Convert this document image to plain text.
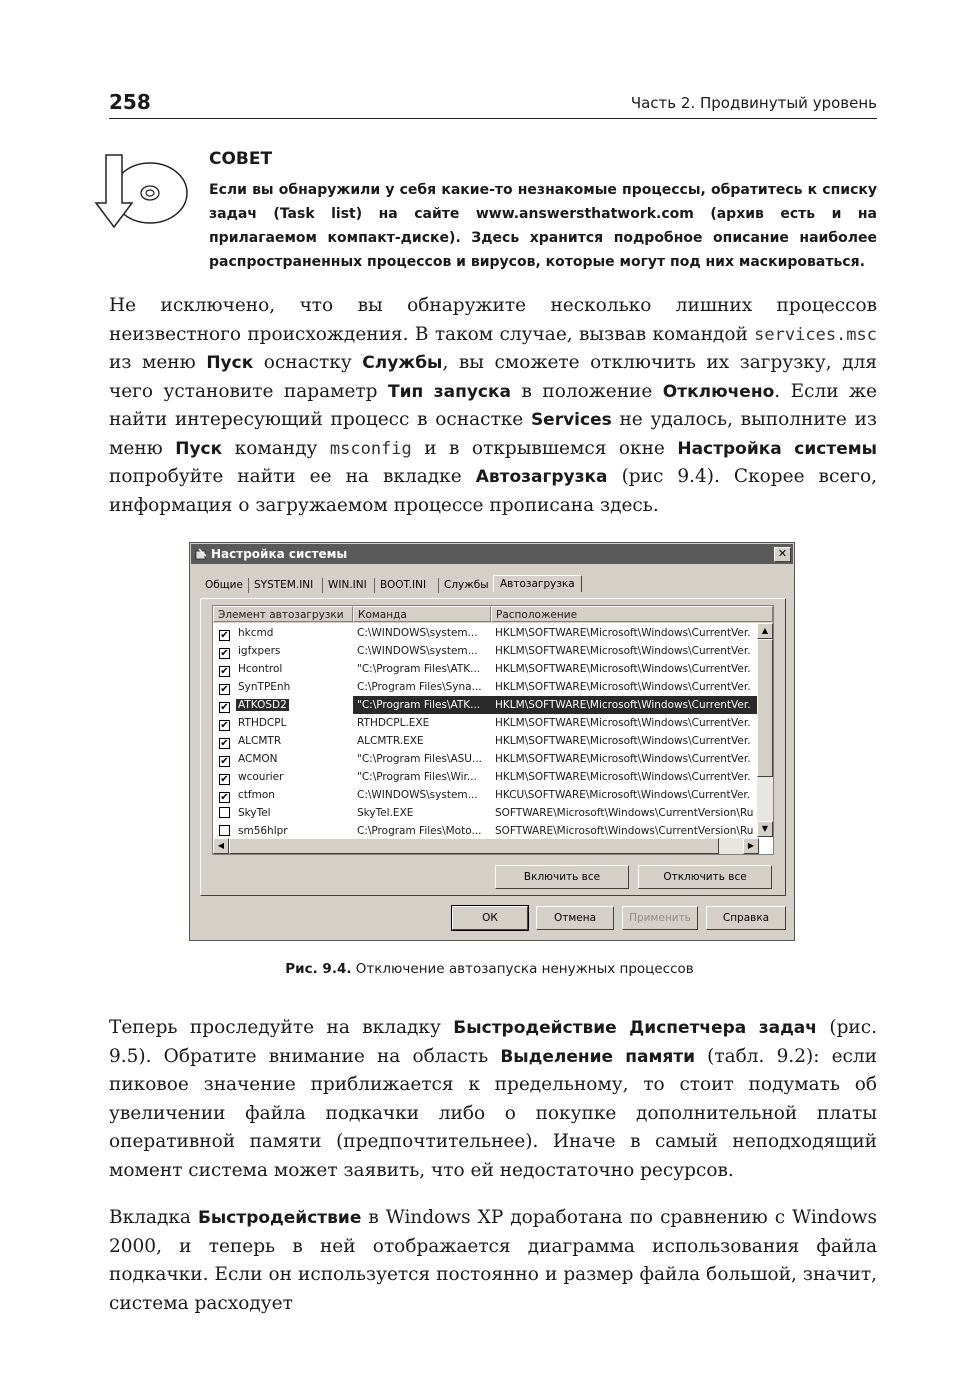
258	Часть 2. Продвинутый уровень
СОВЕТ
Если вы обнаружили у себя какие-то незнакомые процессы, обратитесь к списку задач (Task list) на сайте www.answersthatwork.com (архив есть и на прилагаемом компакт-диске). Здесь хранится подробное описание наиболее распространенных процессов и вирусов, которые могут под них маскироваться.
Не исключено, что вы обнаружите несколько лишних процессов неизвестного происхождения. В таком случае, вызвав командой services.msc из меню Пуск оснастку Службы, вы сможете отключить их загрузку, для чего установите параметр Тип запуска в положение Отключено. Если же найти интересующий процесс в оснастке Services не удалось, выполните из меню Пуск команду msconfig и в открывшемся окне Настройка системы попробуйте найти ее на вкладке Автозагрузка (рис 9.4). Скорее всего, информация о загружаемом процессе прописана здесь.
Настройка системы	✕
Общие SYSTEM.INI WIN.INI BOOT.INI Службы	Автозагрузка
Элемент автозагрузки	Команда	Расположение
✔ hkcmd	C:\WINDOWS\system...	HKLM\SOFTWARE\Microsoft\Windows\CurrentVer.
✔ igfxpers	C:\WINDOWS\system...	HKLM\SOFTWARE\Microsoft\Windows\CurrentVer.
✔ Hcontrol	"C:\Program Files\ATK...	HKLM\SOFTWARE\Microsoft\Windows\CurrentVer.
✔ SynTPEnh	C:\Program Files\Syna...	HKLM\SOFTWARE\Microsoft\Windows\CurrentVer.
✔ ATKOSD2	"C:\Program Files\ATK...	HKLM\SOFTWARE\Microsoft\Windows\CurrentVer.
✔ RTHDCPL	RTHDCPL.EXE	HKLM\SOFTWARE\Microsoft\Windows\CurrentVer.
✔ ALCMTR	ALCMTR.EXE	HKLM\SOFTWARE\Microsoft\Windows\CurrentVer.
✔ ACMON	"C:\Program Files\ASU...	HKLM\SOFTWARE\Microsoft\Windows\CurrentVer.
✔ wcourier	"C:\Program Files\Wir...	HKLM\SOFTWARE\Microsoft\Windows\CurrentVer.
✔ ctfmon	C:\WINDOWS\system...	HKCU\SOFTWARE\Microsoft\Windows\CurrentVer.
SkyTel	SkyTel.EXE	SOFTWARE\Microsoft\Windows\CurrentVersion\Ru
sm56hlpr	C:\Program Files\Moto...	SOFTWARE\Microsoft\Windows\CurrentVersion\Ru
▲
▼
◀	▶
Включить все	Отключить все
ОК	Отмена	Применить	Справка
Рис. 9.4. Отключение автозапуска ненужных процессов
Теперь проследуйте на вкладку Быстродействие Диспетчера задач (рис. 9.5). Обратите внимание на область Выделение памяти (табл. 9.2): если пиковое значение приближается к предельному, то стоит подумать об увеличении файла подкачки либо о покупке дополнительной платы оперативной памяти (предпочтительнее). Иначе в самый неподходящий момент система может заявить, что ей недостаточно ресурсов.
Вкладка Быстродействие в Windows XP доработана по сравнению с Windows 2000, и теперь в ней отображается диаграмма использования файла подкачки. Если он используется постоянно и размер файла большой, значит, система расходует
